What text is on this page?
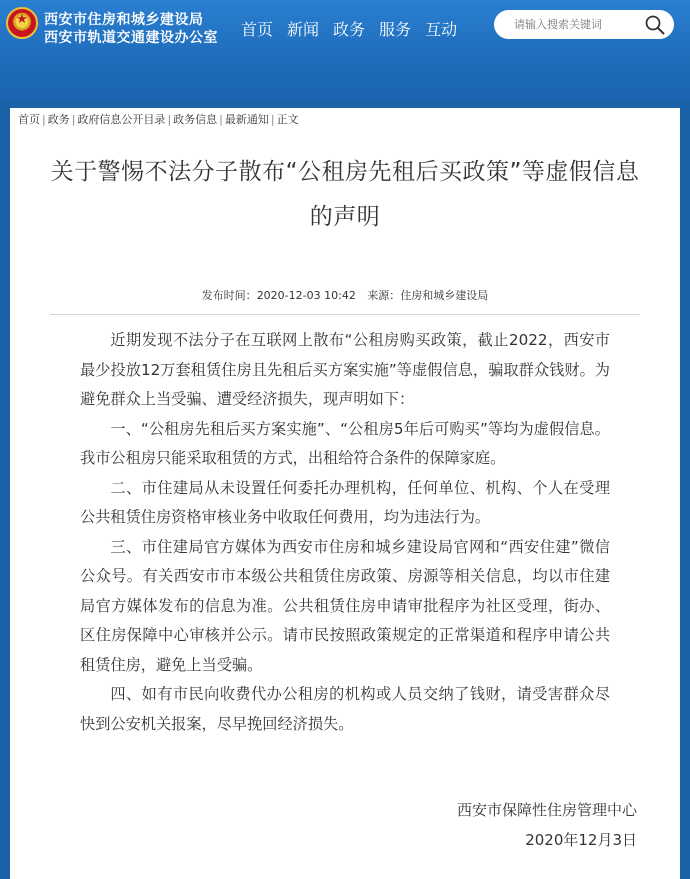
★
西安市住房和城乡建设局
西安市轨道交通建设办公室 首页 新闻 政务 服务 互动
请输入搜索关键词
首页 | 政务 | 政府信息公开目录 | 政务信息 | 最新通知 | 正文
关于警惕不法分子散布“公租房先租后买政策”等虚假信息的声明
发布时间：2020-12-03 10:42 来源：住房和城乡建设局

近期发现不法分子在互联网上散布“公租房购买政策，截止2022，西安市最少投放12万套租赁住房且先租后买方案实施”等虚假信息，骗取群众钱财。为避免群众上当受骗、遭受经济损失，现声明如下：

一、“公租房先租后买方案实施”、“公租房5年后可购买”等均为虚假信息。我市公租房只能采取租赁的方式，出租给符合条件的保障家庭。

二、市住建局从未设置任何委托办理机构，任何单位、机构、个人在受理公共租赁住房资格审核业务中收取任何费用，均为违法行为。

三、市住建局官方媒体为西安市住房和城乡建设局官网和“西安住建”微信公众号。有关西安市市本级公共租赁住房政策、房源等相关信息，均以市住建局官方媒体发布的信息为准。公共租赁住房申请审批程序为社区受理，街办、区住房保障中心审核并公示。请市民按照政策规定的正常渠道和程序申请公共租赁住房，避免上当受骗。

四、如有市民向收费代办公租房的机构或人员交纳了钱财，请受害群众尽快到公安机关报案，尽早挽回经济损失。

西安市保障性住房管理中心
2020年12月3日
